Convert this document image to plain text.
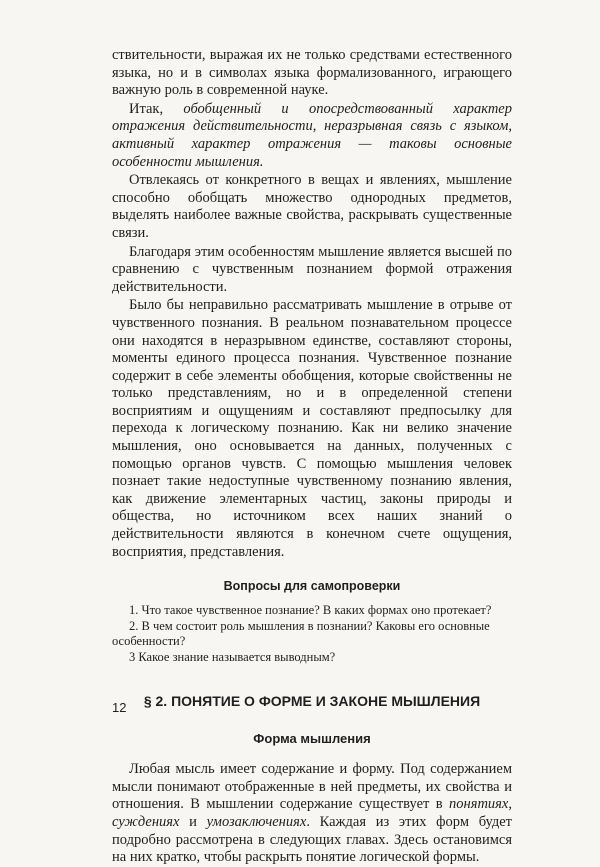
ствительности, выражая их не только средствами естественного языка, но и в символах языка формализованного, играющего важную роль в современной науке.

Итак, обобщенный и опосредствованный характер отражения действительности, неразрывная связь с языком, активный характер отражения — таковы основные особенности мышления.

Отвлекаясь от конкретного в вещах и явлениях, мышление способно обобщать множество однородных предметов, выделять наиболее важные свойства, раскрывать существенные связи.

Благодаря этим особенностям мышление является высшей по сравнению с чувственным познанием формой отражения действительности.

Было бы неправильно рассматривать мышление в отрыве от чувственного познания. В реальном познавательном процессе они находятся в неразрывном единстве, составляют стороны, моменты единого процесса познания. Чувственное познание содержит в себе элементы обобщения, которые свойственны не только представлениям, но и в определенной степени восприятиям и ощущениям и составляют предпосылку для перехода к логическому познанию. Как ни велико значение мышления, оно основывается на данных, полученных с помощью органов чувств. С помощью мышления человек познает такие недоступные чувственному познанию явления, как движение элементарных частиц, законы природы и общества, но источником всех наших знаний о действительности являются в конечном счете ощущения, восприятия, представления.

Вопросы для самопроверки

1. Что такое чувственное познание? В каких формах оно протекает?

2. В чем состоит роль мышления в познании? Каковы его основные

особенности?

3 Какое знание называется выводным?

§ 2. ПОНЯТИЕ О ФОРМЕ И ЗАКОНЕ МЫШЛЕНИЯ
Форма мышления

Любая мысль имеет содержание и форму. Под содержанием мысли понимают отображенные в ней предметы, их свойства и отношения. В мышлении содержание существует в понятиях, суждениях и умозаключениях. Каждая из этих форм будет подробно рассмотрена в следующих главах. Здесь остановимся на них кратко, чтобы раскрыть понятие логической формы.

12
